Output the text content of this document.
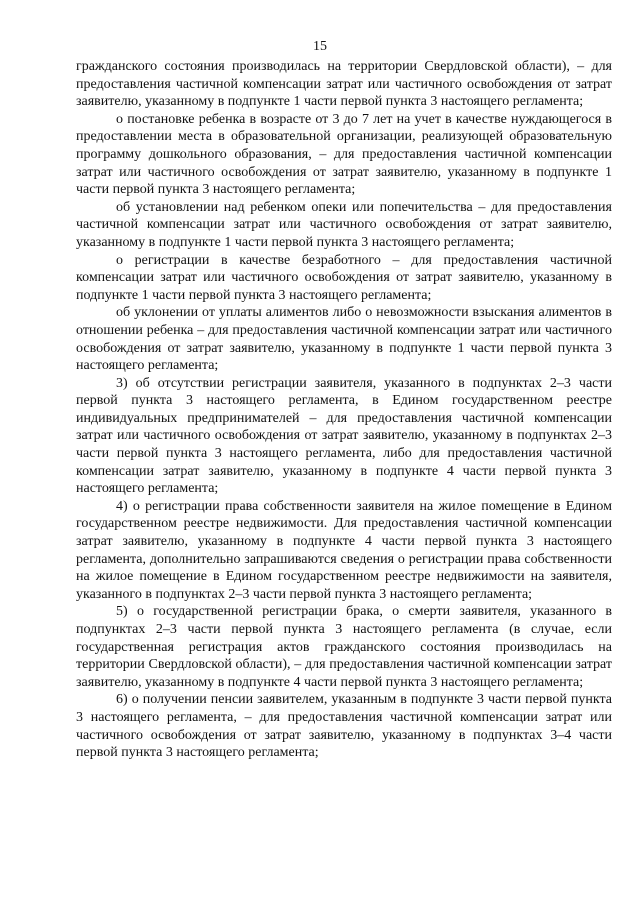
15

гражданского состояния производилась на территории Свердловской области), – для предоставления частичной компенсации затрат или частичного освобождения от затрат заявителю, указанному в подпункте 1 части первой пункта 3 настоящего регламента;

о постановке ребенка в возрасте от 3 до 7 лет на учет в качестве нуждающегося в предоставлении места в образовательной организации, реализующей образовательную программу дошкольного образования, – для предоставления частичной компенсации затрат или частичного освобождения от затрат заявителю, указанному в подпункте 1 части первой пункта 3 настоящего регламента;

об установлении над ребенком опеки или попечительства – для предоставления частичной компенсации затрат или частичного освобождения от затрат заявителю, указанному в подпункте 1 части первой пункта 3 настоящего регламента;

о регистрации в качестве безработного – для предоставления частичной компенсации затрат или частичного освобождения от затрат заявителю, указанному в подпункте 1 части первой пункта 3 настоящего регламента;

об уклонении от уплаты алиментов либо о невозможности взыскания алиментов в отношении ребенка – для предоставления частичной компенсации затрат или частичного освобождения от затрат заявителю, указанному в подпункте 1 части первой пункта 3 настоящего регламента;

3) об отсутствии регистрации заявителя, указанного в подпунктах 2–3 части первой пункта 3 настоящего регламента, в Едином государственном реестре индивидуальных предпринимателей – для предоставления частичной компенсации затрат или частичного освобождения от затрат заявителю, указанному в подпунктах 2–3 части первой пункта 3 настоящего регламента, либо для предоставления частичной компенсации затрат заявителю, указанному в подпункте 4 части первой пункта 3 настоящего регламента;

4) о регистрации права собственности заявителя на жилое помещение в Едином государственном реестре недвижимости. Для предоставления частичной компенсации затрат заявителю, указанному в подпункте 4 части первой пункта 3 настоящего регламента, дополнительно запрашиваются сведения о регистрации права собственности на жилое помещение в Едином государственном реестре недвижимости на заявителя, указанного в подпунктах 2–3 части первой пункта 3 настоящего регламента;

5) о государственной регистрации брака, о смерти заявителя, указанного в подпунктах 2–3 части первой пункта 3 настоящего регламента (в случае, если государственная регистрация актов гражданского состояния производилась на территории Свердловской области), – для предоставления частичной компенсации затрат заявителю, указанному в подпункте 4 части первой пункта 3 настоящего регламента;

6) о получении пенсии заявителем, указанным в подпункте 3 части первой пункта 3 настоящего регламента, – для предоставления частичной компенсации затрат или частичного освобождения от затрат заявителю, указанному в подпунктах 3–4 части первой пункта 3 настоящего регламента;
